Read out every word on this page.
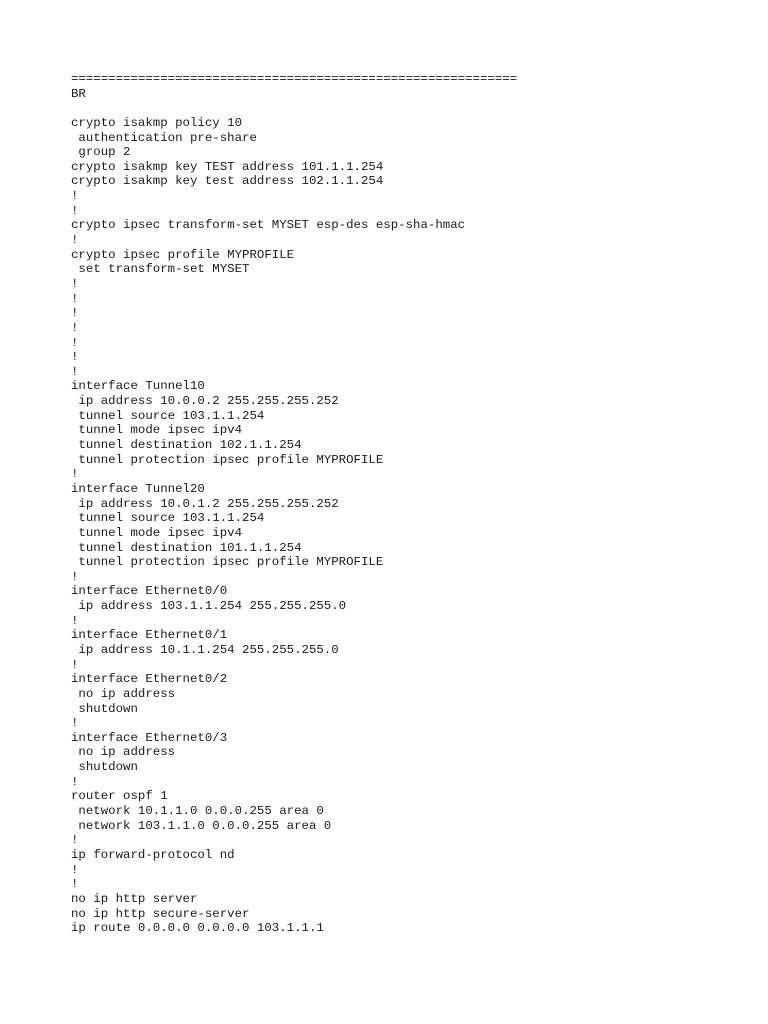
============================================================
BR
crypto isakmp policy 10
authentication pre-share
group 2
crypto isakmp key TEST address 101.1.1.254
crypto isakmp key test address 102.1.1.254
!
!
crypto ipsec transform-set MYSET esp-des esp-sha-hmac
!
crypto ipsec profile MYPROFILE
set transform-set MYSET
!
!
!
!
!
!
!
interface Tunnel10
ip address 10.0.0.2 255.255.255.252
tunnel source 103.1.1.254
tunnel mode ipsec ipv4
tunnel destination 102.1.1.254
tunnel protection ipsec profile MYPROFILE
!
interface Tunnel20
ip address 10.0.1.2 255.255.255.252
tunnel source 103.1.1.254
tunnel mode ipsec ipv4
tunnel destination 101.1.1.254
tunnel protection ipsec profile MYPROFILE
!
interface Ethernet0/0
ip address 103.1.1.254 255.255.255.0
!
interface Ethernet0/1
ip address 10.1.1.254 255.255.255.0
!
interface Ethernet0/2
no ip address
shutdown
!
interface Ethernet0/3
no ip address
shutdown
!
router ospf 1
network 10.1.1.0 0.0.0.255 area 0
network 103.1.1.0 0.0.0.255 area 0
!
ip forward-protocol nd
!
!
no ip http server
no ip http secure-server
ip route 0.0.0.0 0.0.0.0 103.1.1.1
